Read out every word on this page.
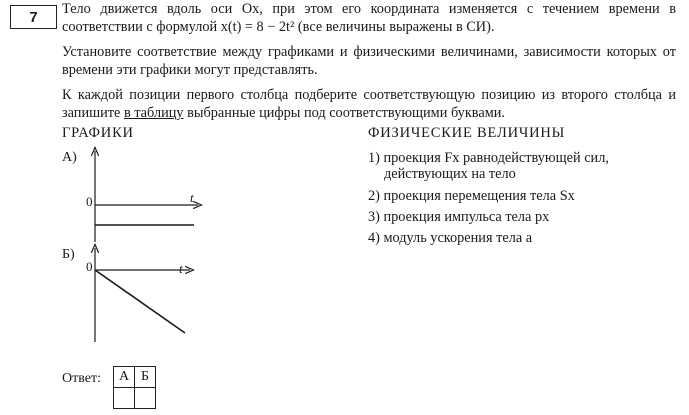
7	Тело движется вдоль оси Ox, при этом его координата изменяется с течением времени в соответствии с формулой x(t) = 8 − 2t² (все величины выражены в СИ).
Установите соответствие между графиками и физическими величинами, зависимости которых от времени эти графики могут представлять.
К каждой позиции первого столбца подберите соответствующую позицию из второго столбца и запишите в таблицу выбранные цифры под соответствующими буквами.
ГРАФИКИ	ФИЗИЧЕСКИЕ ВЕЛИЧИНЫ
А)
Б)
0	t
0	t
1) проекция Fx равнодействующей сил,
действующих на тело
2) проекция перемещения тела Sx
3) проекция импульса тела px
4) модуль ускорения тела a
Ответ: А	Б
